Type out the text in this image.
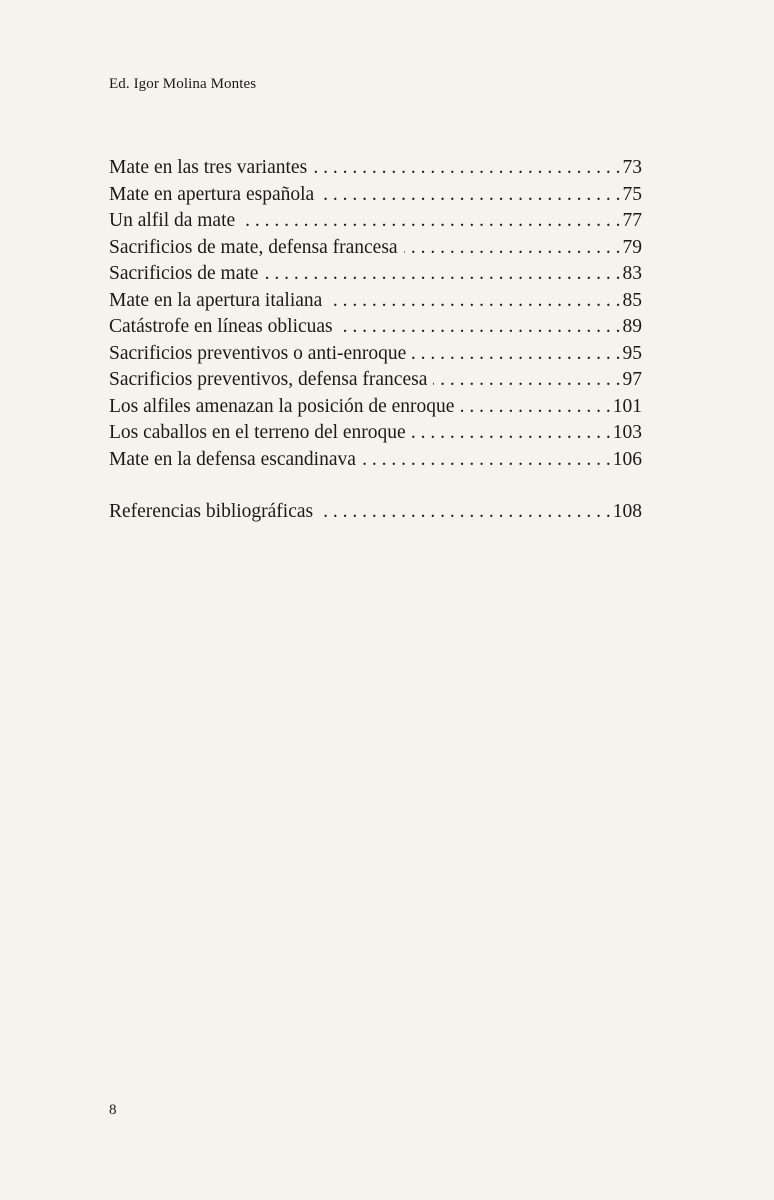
Ed. Igor Molina Montes
Mate en las tres variantes . . .	73
Mate en apertura española . . .	75
Un alfil da mate . . .	77
Sacrificios de mate, defensa francesa . . .	79
Sacrificios de mate . . .	83
Mate en la apertura italiana . . .	85
Catástrofe en líneas oblicuas . . .	89
Sacrificios preventivos o anti-enroque . . .	95
Sacrificios preventivos, defensa francesa . . .	97
Los alfiles amenazan la posición de enroque . . .	101
Los caballos en el terreno del enroque . . .	103
Mate en la defensa escandinava . . .	106
Referencias bibliográficas . . .	108
8
